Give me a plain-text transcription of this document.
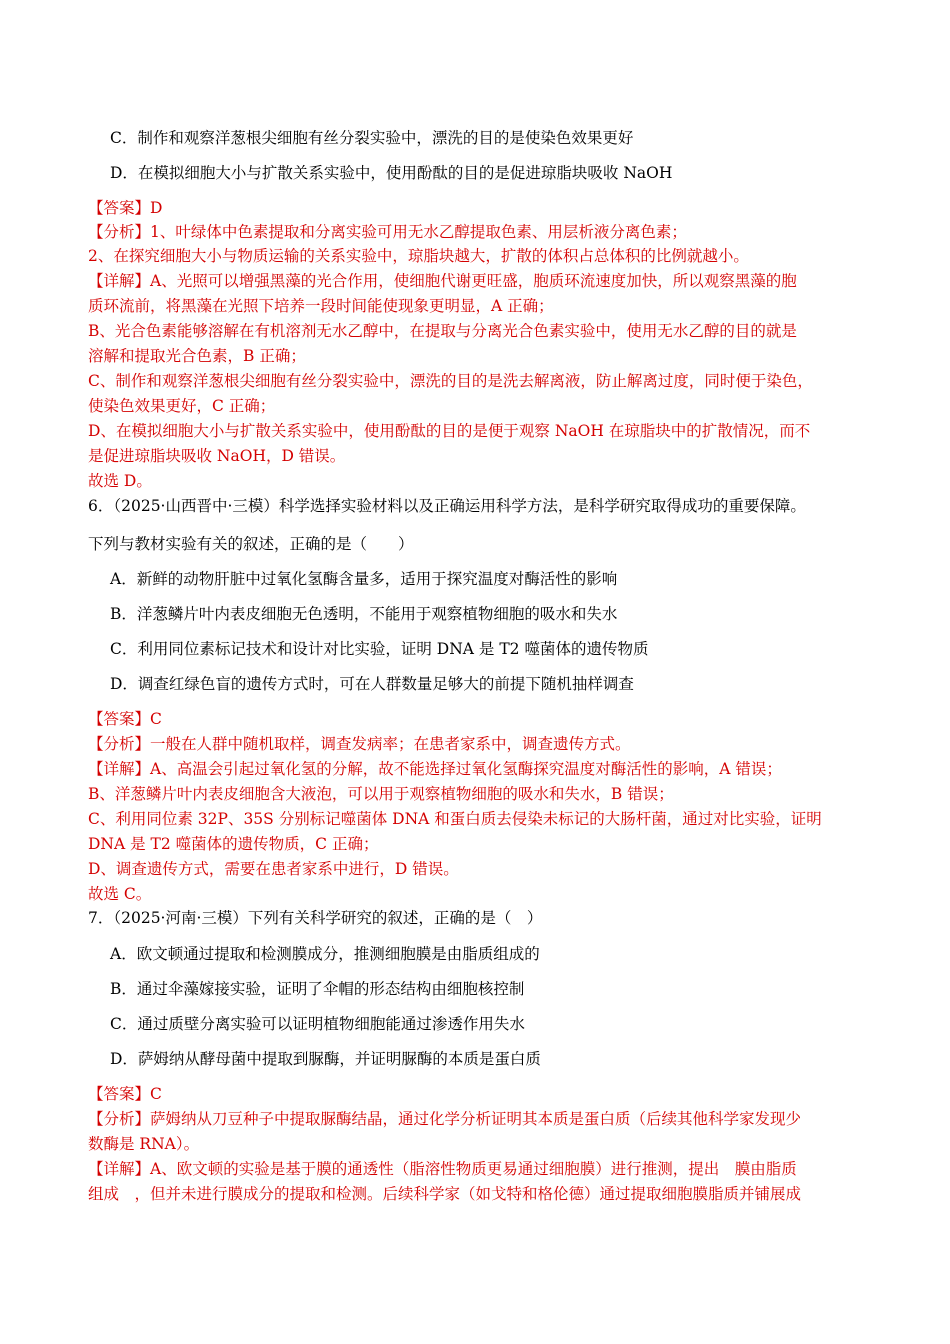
C．制作和观察洋葱根尖细胞有丝分裂实验中，漂洗的目的是使染色效果更好
D．在模拟细胞大小与扩散关系实验中，使用酚酞的目的是促进琼脂块吸收 NaOH
【答案】D
【分析】1、叶绿体中色素提取和分离实验可用无水乙醇提取色素、用层析液分离色素；
2、在探究细胞大小与物质运输的关系实验中，琼脂块越大，扩散的体积占总体积的比例就越小。
【详解】A、光照可以增强黑藻的光合作用，使细胞代谢更旺盛，胞质环流速度加快，所以观察黑藻的胞
质环流前，将黑藻在光照下培养一段时间能使现象更明显，A 正确；
B、光合色素能够溶解在有机溶剂无水乙醇中，在提取与分离光合色素实验中，使用无水乙醇的目的就是
溶解和提取光合色素，B 正确；
C、制作和观察洋葱根尖细胞有丝分裂实验中，漂洗的目的是洗去解离液，防止解离过度，同时便于染色，
使染色效果更好，C 正确；
D、在模拟细胞大小与扩散关系实验中，使用酚酞的目的是便于观察 NaOH 在琼脂块中的扩散情况，而不
是促进琼脂块吸收 NaOH，D 错误。
故选 D。
6．（2025·山西晋中·三模）科学选择实验材料以及正确运用科学方法，是科学研究取得成功的重要保障。
下列与教材实验有关的叙述，正确的是（　　）
A．新鲜的动物肝脏中过氧化氢酶含量多，适用于探究温度对酶活性的影响
B．洋葱鳞片叶内表皮细胞无色透明，不能用于观察植物细胞的吸水和失水
C．利用同位素标记技术和设计对比实验，证明 DNA 是 T2 噬菌体的遗传物质
D．调查红绿色盲的遗传方式时，可在人群数量足够大的前提下随机抽样调查
【答案】C
【分析】一般在人群中随机取样，调查发病率；在患者家系中，调查遗传方式。
【详解】A、高温会引起过氧化氢的分解，故不能选择过氧化氢酶探究温度对酶活性的影响，A 错误；
B、洋葱鳞片叶内表皮细胞含大液泡，可以用于观察植物细胞的吸水和失水，B 错误；
C、利用同位素 32P、35S 分别标记噬菌体 DNA 和蛋白质去侵染未标记的大肠杆菌，通过对比实验，证明
DNA 是 T2 噬菌体的遗传物质，C 正确；
D、调查遗传方式，需要在患者家系中进行，D 错误。
故选 C。
7．（2025·河南·三模）下列有关科学研究的叙述，正确的是（　）
A．欧文顿通过提取和检测膜成分，推测细胞膜是由脂质组成的
B．通过伞藻嫁接实验，证明了伞帽的形态结构由细胞核控制
C．通过质壁分离实验可以证明植物细胞能通过渗透作用失水
D．萨姆纳从酵母菌中提取到脲酶，并证明脲酶的本质是蛋白质
【答案】C
【分析】萨姆纳从刀豆种子中提取脲酶结晶，通过化学分析证明其本质是蛋白质（后续其他科学家发现少
数酶是 RNA）。
【详解】A、欧文顿的实验是基于膜的通透性（脂溶性物质更易通过细胞膜）进行推测，提出　膜由脂质
组成　，但并未进行膜成分的提取和检测。后续科学家（如戈特和格伦德）通过提取细胞膜脂质并铺展成
